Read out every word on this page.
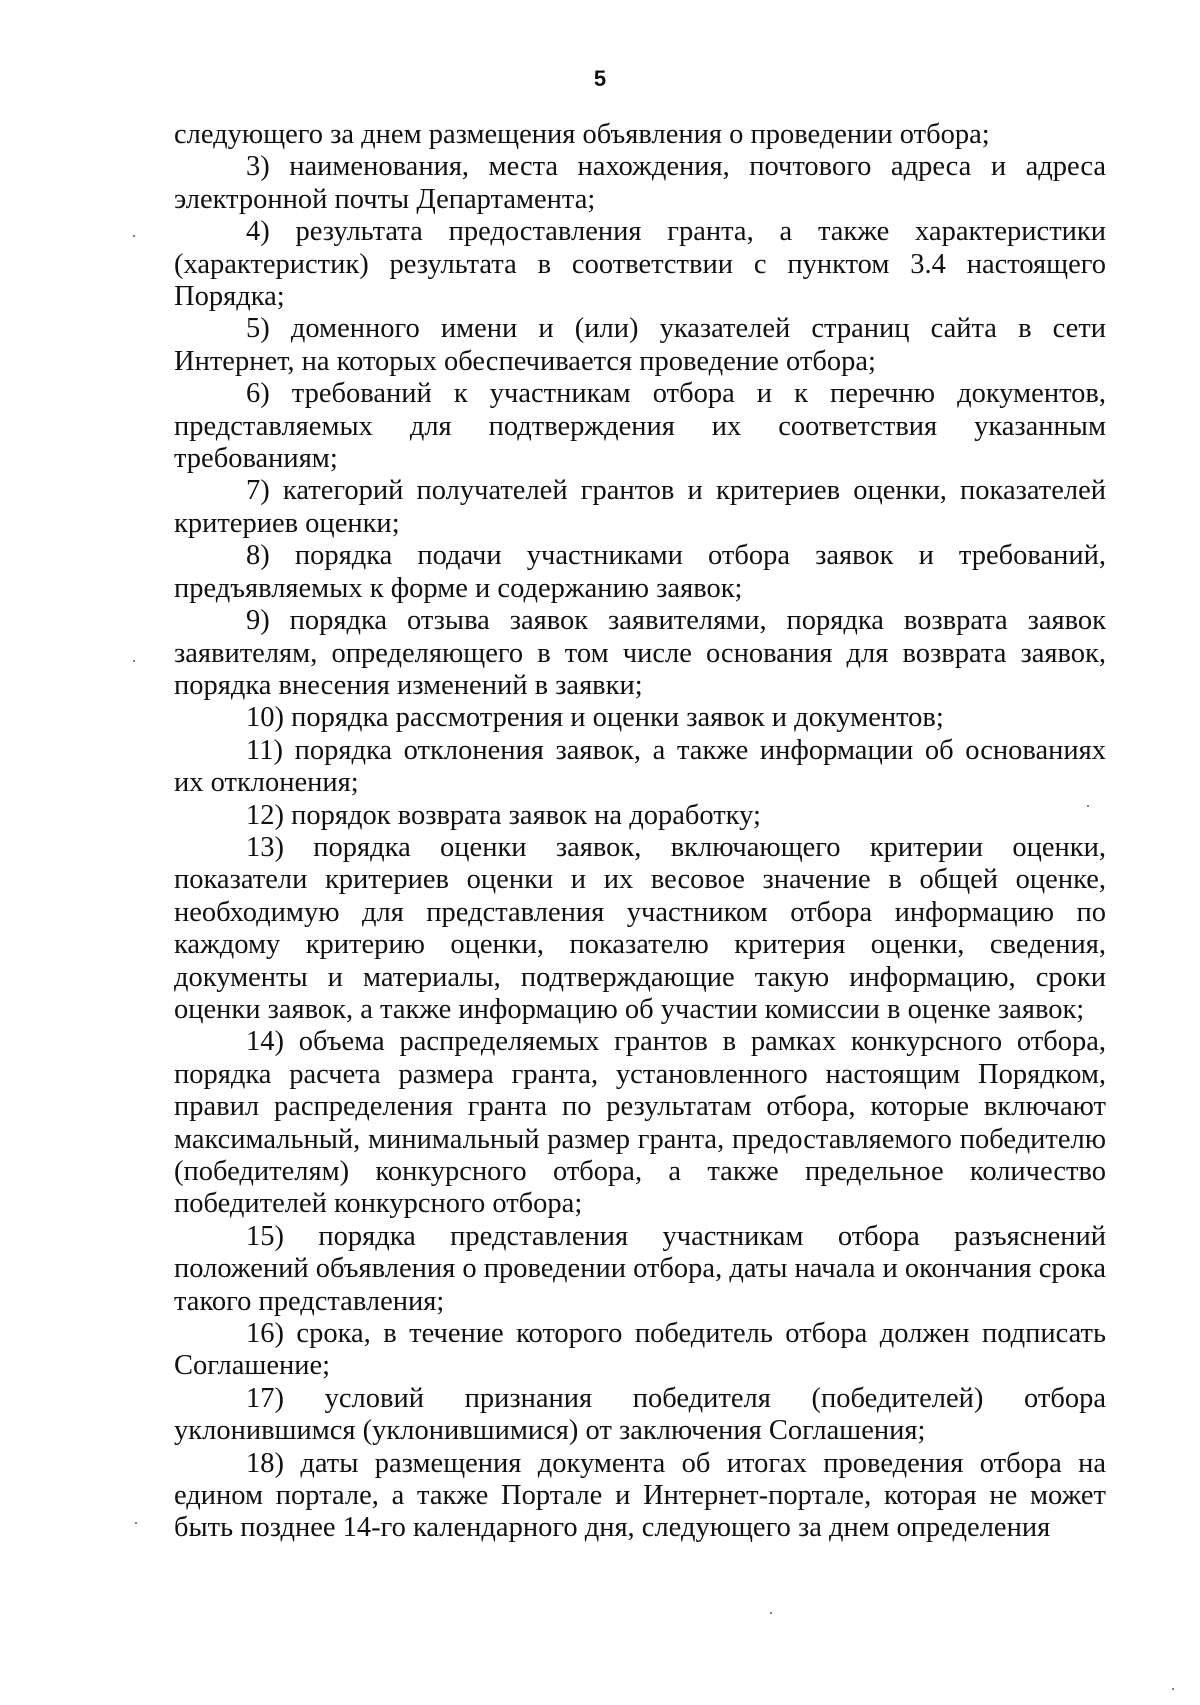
5

следующего за днем размещения объявления о проведении отбора;

3) наименования, места нахождения, почтового адреса и адреса электронной почты Департамента;

4) результата предоставления гранта, а также характеристики (характеристик) результата в соответствии с пунктом 3.4 настоящего Порядка;

5) доменного имени и (или) указателей страниц сайта в сети Интернет, на которых обеспечивается проведение отбора;

6) требований к участникам отбора и к перечню документов, представляемых для подтверждения их соответствия указанным требованиям;

7) категорий получателей грантов и критериев оценки, показателей критериев оценки;

8) порядка подачи участниками отбора заявок и требований, предъявляемых к форме и содержанию заявок;

9) порядка отзыва заявок заявителями, порядка возврата заявок заявителям, определяющего в том числе основания для возврата заявок, порядка внесения изменений в заявки;

10) порядка рассмотрения и оценки заявок и документов;

11) порядка отклонения заявок, а также информации об основаниях их отклонения;

12) порядок возврата заявок на доработку;

13) порядка оценки заявок, включающего критерии оценки, показатели критериев оценки и их весовое значение в общей оценке, необходимую для представления участником отбора информацию по каждому критерию оценки, показателю критерия оценки, сведения, документы и материалы, подтверждающие такую информацию, сроки оценки заявок, а также информацию об участии комиссии в оценке заявок;

14) объема распределяемых грантов в рамках конкурсного отбора, порядка расчета размера гранта, установленного настоящим Порядком, правил распределения гранта по результатам отбора, которые включают максимальный, минимальный размер гранта, предоставляемого победителю (победителям) конкурсного отбора, а также предельное количество победителей конкурсного отбора;

15) порядка представления участникам отбора разъяснений положений объявления о проведении отбора, даты начала и окончания срока такого представления;

16) срока, в течение которого победитель отбора должен подписать Соглашение;

17) условий признания победителя (победителей) отбора уклонившимся (уклонившимися) от заключения Соглашения;

18) даты размещения документа об итогах проведения отбора на едином портале, а также Портале и Интернет-портале, которая не может быть позднее 14-го календарного дня, следующего за днем определения
